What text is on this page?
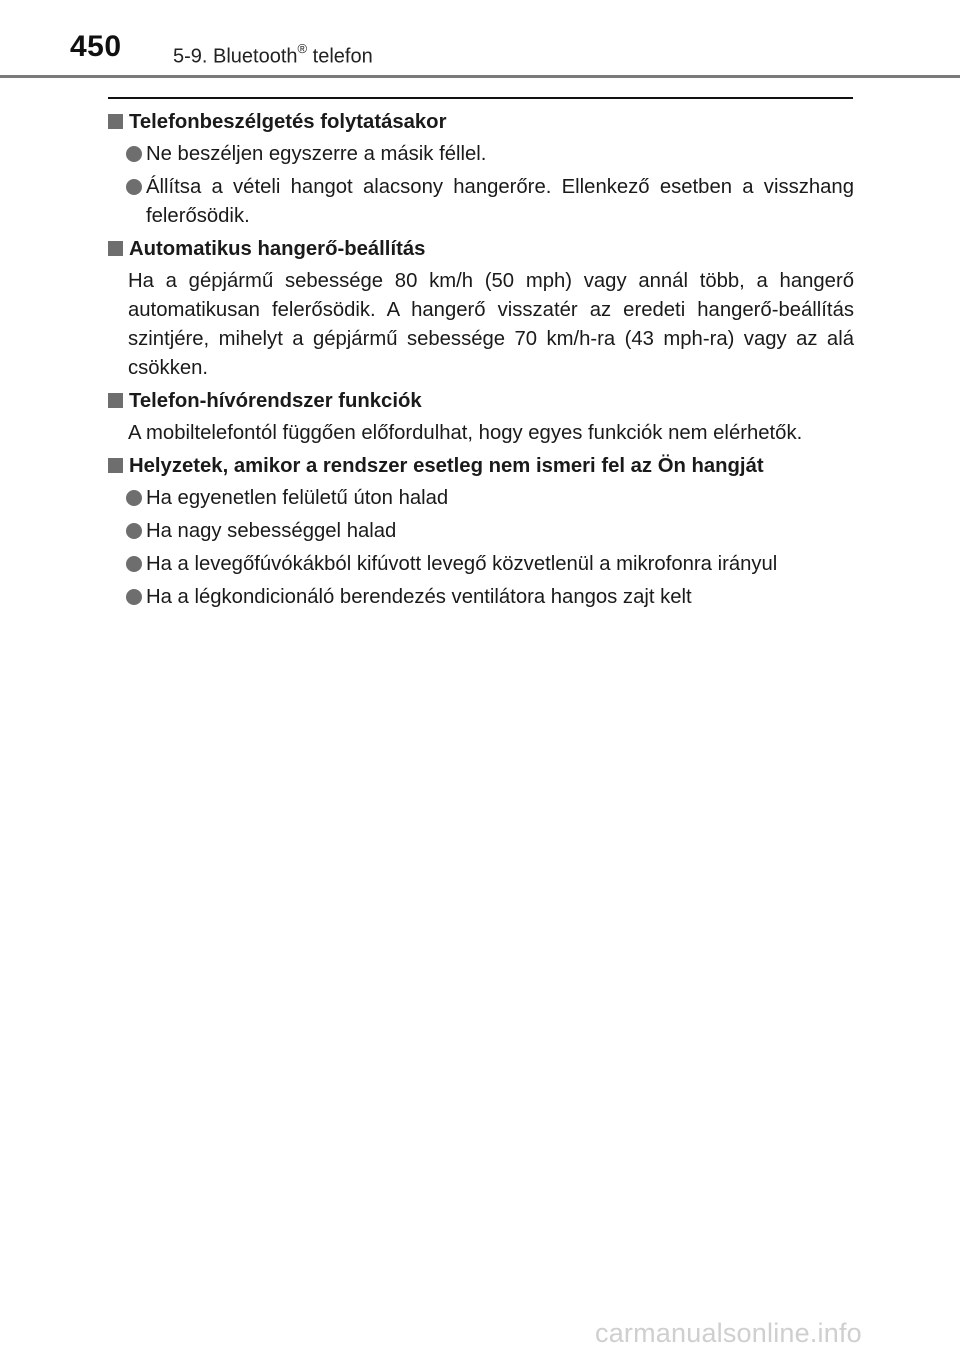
450	5-9. Bluetooth® telefon
Telefonbeszélgetés folytatásakor
Ne beszéljen egyszerre a másik féllel.
Állítsa a vételi hangot alacsony hangerőre. Ellenkező esetben a visszhang felerősödik.
Automatikus hangerő-beállítás
Ha a gépjármű sebessége 80 km/h (50 mph) vagy annál több, a hangerő automatikusan felerősödik. A hangerő visszatér az eredeti hangerő-beállítás szintjére, mihelyt a gépjármű sebessége 70 km/h-ra (43 mph-ra) vagy az alá csökken.
Telefon-hívórendszer funkciók
A mobiltelefontól függően előfordulhat, hogy egyes funkciók nem elérhetők.
Helyzetek, amikor a rendszer esetleg nem ismeri fel az Ön hangját
Ha egyenetlen felületű úton halad
Ha nagy sebességgel halad
Ha a levegőfúvókákból kifúvott levegő közvetlenül a mikrofonra irányul
Ha a légkondicionáló berendezés ventilátora hangos zajt kelt
carmanualsonline.info
